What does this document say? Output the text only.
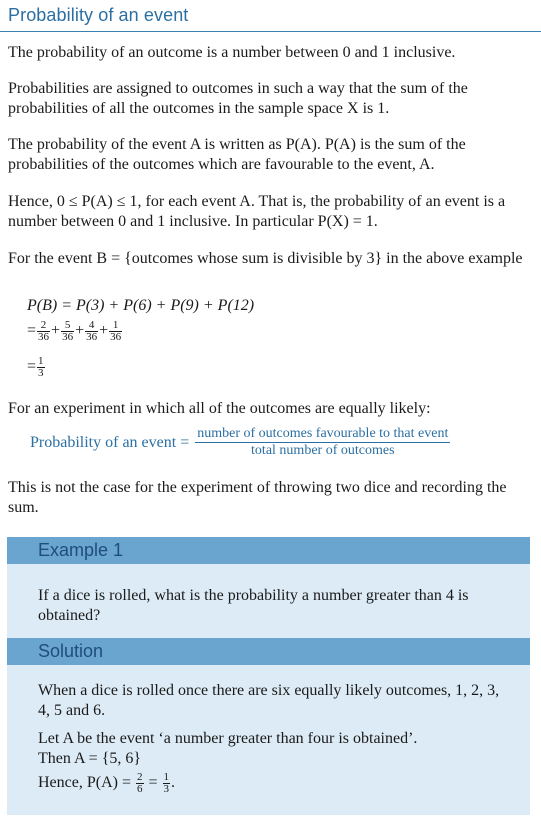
Probability of an event
The probability of an outcome is a number between 0 and 1 inclusive.
Probabilities are assigned to outcomes in such a way that the sum of the probabilities of all the outcomes in the sample space X is 1.
The probability of the event A is written as P(A). P(A) is the sum of the probabilities of the outcomes which are favourable to the event, A.
Hence, 0 ≤ P(A) ≤ 1, for each event A. That is, the probability of an event is a number between 0 and 1 inclusive. In particular P(X) = 1.
For the event B = {outcomes whose sum is divisible by 3} in the above example
P(B) = P(3) + P(6) + P(9) + P(12)
= $\frac{2}{36} + \frac{5}{36} + \frac{4}{36} + \frac{1}{36}$
= $\frac{1}{3}$
For an experiment in which all of the outcomes are equally likely:
Probability of an event = number of outcomes favourable to that event
total number of outcomes
This is not the case for the experiment of throwing two dice and recording the sum.
Example 1
If a dice is rolled, what is the probability a number greater than 4 is obtained?
Solution
When a dice is rolled once there are six equally likely outcomes, 1, 2, 3, 4, 5 and 6.
Let A be the event ‘a number greater than four is obtained’.
Then A = {5, 6}
Hence, $P(A) = \frac{2}{6} = \frac{1}{3}$ .
